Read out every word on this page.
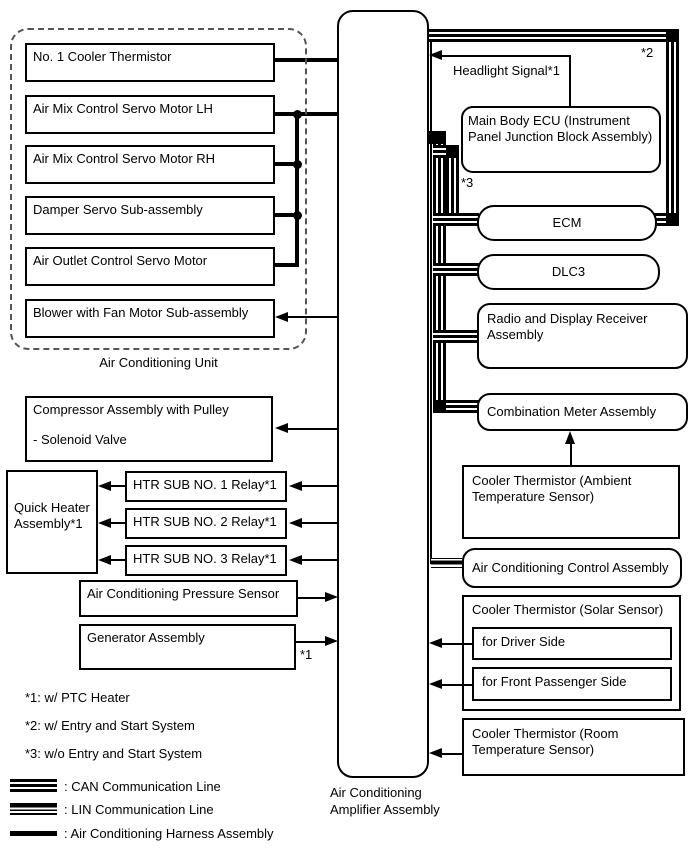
No. 1 Cooler Thermistor
Air Mix Control Servo Motor LH
Air Mix Control Servo Motor RH
Damper Servo Sub-assembly
Air Outlet Control Servo Motor
Blower with Fan Motor Sub-assembly
Air Conditioning Unit
Air Conditioning Amplifier Assembly
Compressor Assembly with Pulley
- Solenoid Valve
Quick Heater Assembly*1
HTR SUB NO. 1 Relay*1
HTR SUB NO. 2 Relay*1
HTR SUB NO. 3 Relay*1
Air Conditioning Pressure Sensor
Generator Assembly
*1
Main Body ECU (Instrument Panel Junction Block Assembly)
ECM
DLC3
Radio and Display Receiver Assembly
Combination Meter Assembly
Cooler Thermistor (Ambient Temperature Sensor)
Air Conditioning Control Assembly
Cooler Thermistor (Solar Sensor)
for Driver Side
for Front Passenger Side
Cooler Thermistor (Room Temperature Sensor)
Headlight Signal*1
*2
*3
*1: w/ PTC Heater
*2: w/ Entry and Start System
*3: w/o Entry and Start System
: CAN Communication Line
: LIN Communication Line
: Air Conditioning Harness Assembly
